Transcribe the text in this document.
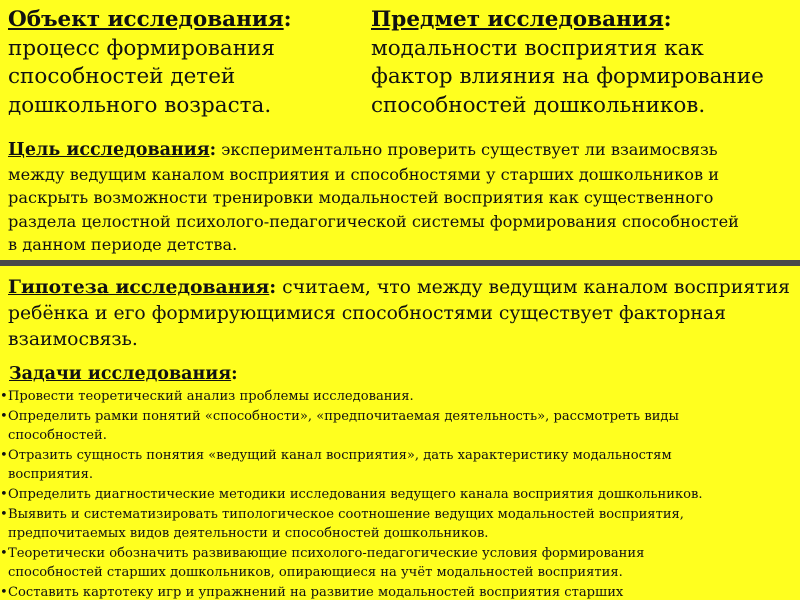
Объект исследования:
процесс формирования
способностей детей
дошкольного возраста.
Предмет исследования:
модальности восприятия как
фактор влияния на формирование
способностей дошкольников.
Цель исследования: экспериментально проверить существует ли взаимосвязь
между ведущим каналом восприятия и способностями у старших дошкольников и
раскрыть возможности тренировки модальностей восприятия как существенного
раздела целостной психолого-педагогической системы формирования способностей
в данном периоде детства.
Гипотеза исследования: считаем, что между ведущим каналом восприятия
ребёнка и его формирующимися способностями существует факторная
взаимосвязь.
Задачи исследования:
• Провести теоретический анализ проблемы исследования.
• Определить рамки понятий «способности», «предпочитаемая деятельность», рассмотреть виды
способностей.
• Отразить сущность понятия «ведущий канал восприятия», дать характеристику модальностям
восприятия.
• Определить диагностические методики исследования ведущего канала восприятия дошкольников.
• Выявить и систематизировать типологическое соотношение ведущих модальностей восприятия,
предпочитаемых видов деятельности и способностей дошкольников.
• Теоретически обозначить развивающие психолого-педагогические условия формирования
способностей старших дошкольников, опирающиеся на учёт модальностей восприятия.
• Составить картотеку игр и упражнений на развитие модальностей восприятия старших
